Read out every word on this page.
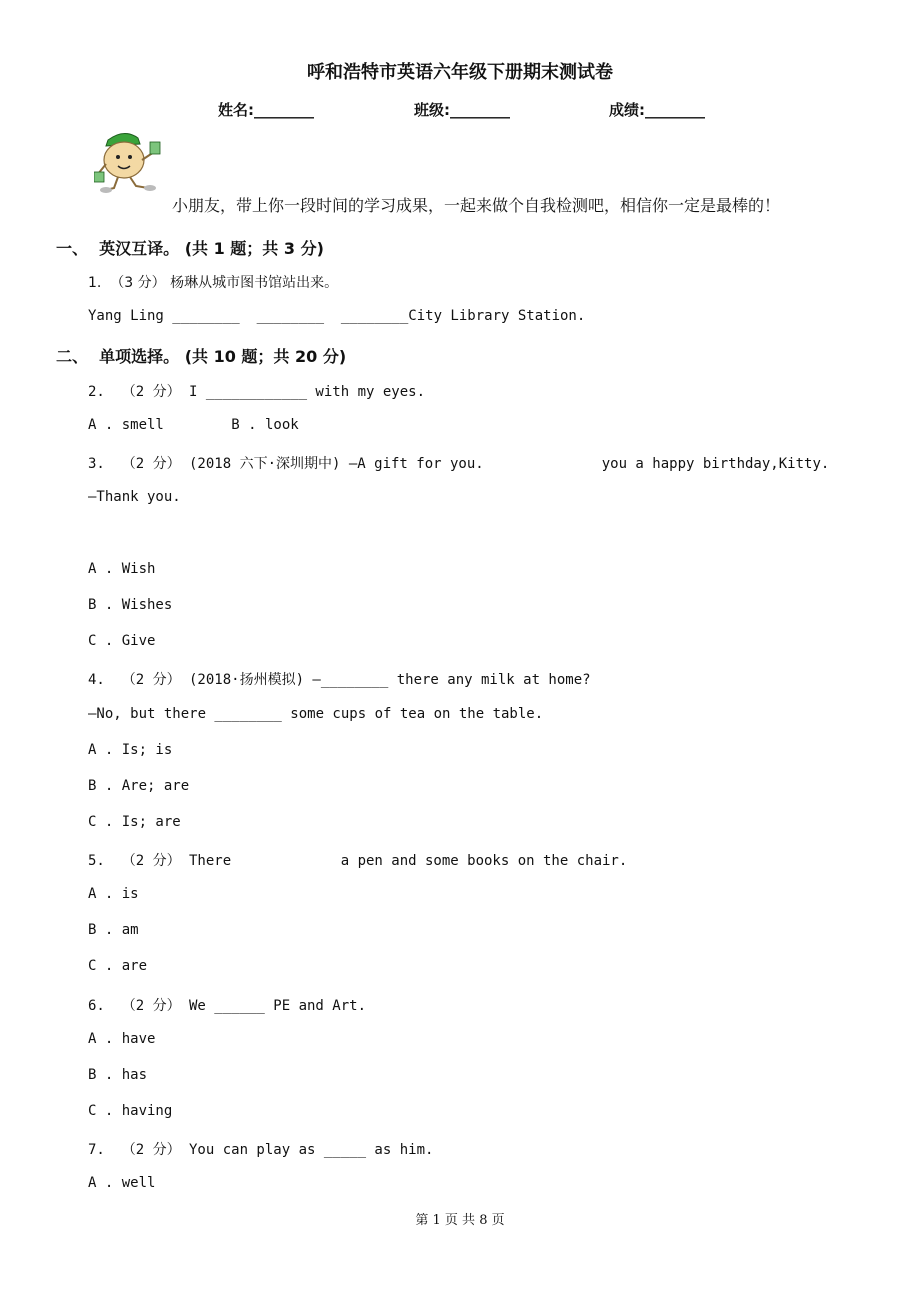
呼和浩特市英语六年级下册期末测试卷
姓名:________	班级:________	成绩:________
小朋友，带上你一段时间的学习成果，一起来做个自我检测吧，相信你一定是最棒的！
一、  英汉互译。 (共 1 题；共 3 分)
1.  （3 分） 杨琳从城市图书馆站出来。
Yang Ling ________  ________  ________City Library Station.
二、  单项选择。 (共 10 题；共 20 分)
2.  （2 分） I ____________ with my eyes.
A . smell        B . look
3.  （2 分） (2018 六下·深圳期中) —A gift for you.              you a happy birthday,Kitty.
—Thank you.
A . Wish
B . Wishes
C . Give
4.  （2 分） (2018·扬州模拟) —________ there any milk at home?
—No, but there ________ some cups of tea on the table.
A . Is; is
B . Are; are
C . Is; are
5.  （2 分） There             a pen and some books on the chair.
A . is
B . am
C . are
6.  （2 分） We ______ PE and Art.
A . have
B . has
C . having
7.  （2 分） You can play as _____ as him.
A . well
第 1 页 共 8 页
